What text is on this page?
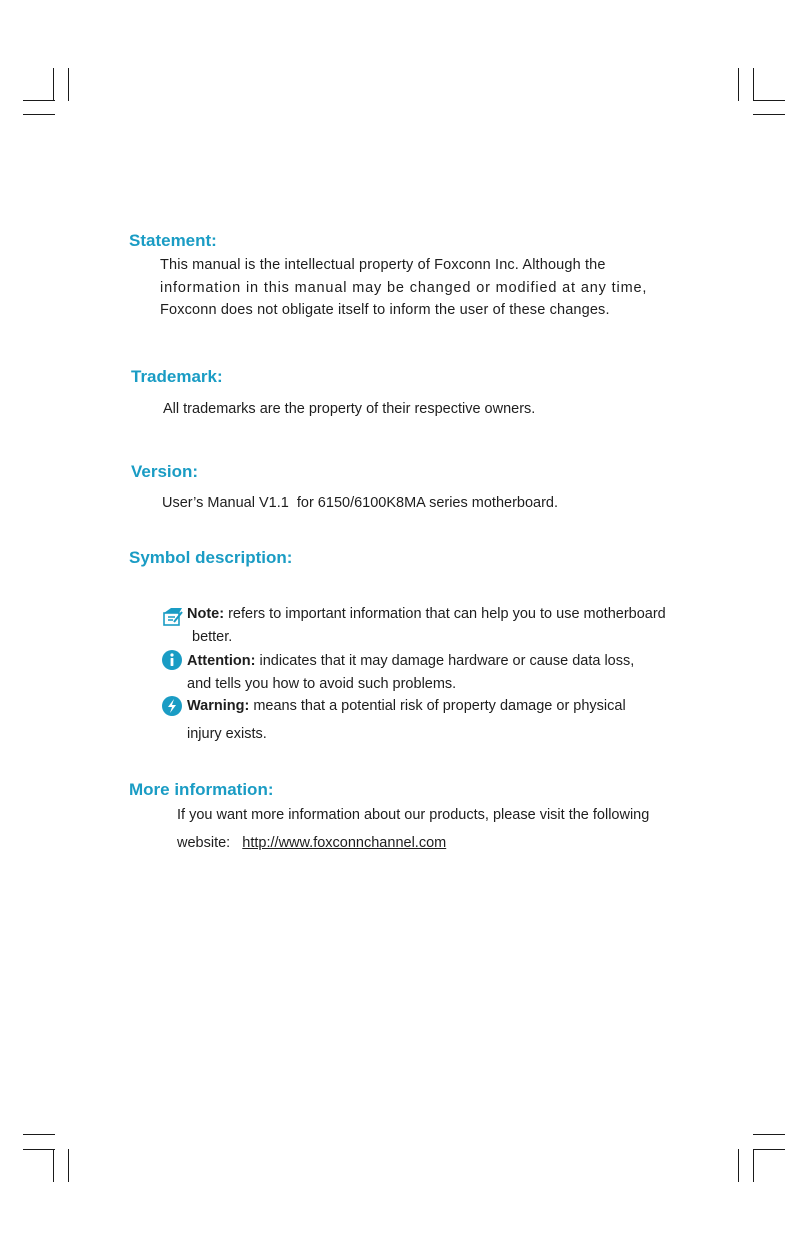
Statement:
This manual is the intellectual property of Foxconn Inc. Although the
information in this manual may be changed or modified at any time,
Foxconn does not obligate itself to inform the user of these changes.
Trademark:

All trademarks are the property of their respective owners.

Version:

User’s Manual V1.1  for 6150/6100K8MA series motherboard.

Symbol description:
Note: refers to important information that can help you to use motherboard
better.
Attention: indicates that it may damage hardware or cause data loss,
and tells you how to avoid such problems.
Warning: means that a potential risk of property damage or physical
injury exists.
More information:

If you want more information about our products, please visit the following

website: http://www.foxconnchannel.com
